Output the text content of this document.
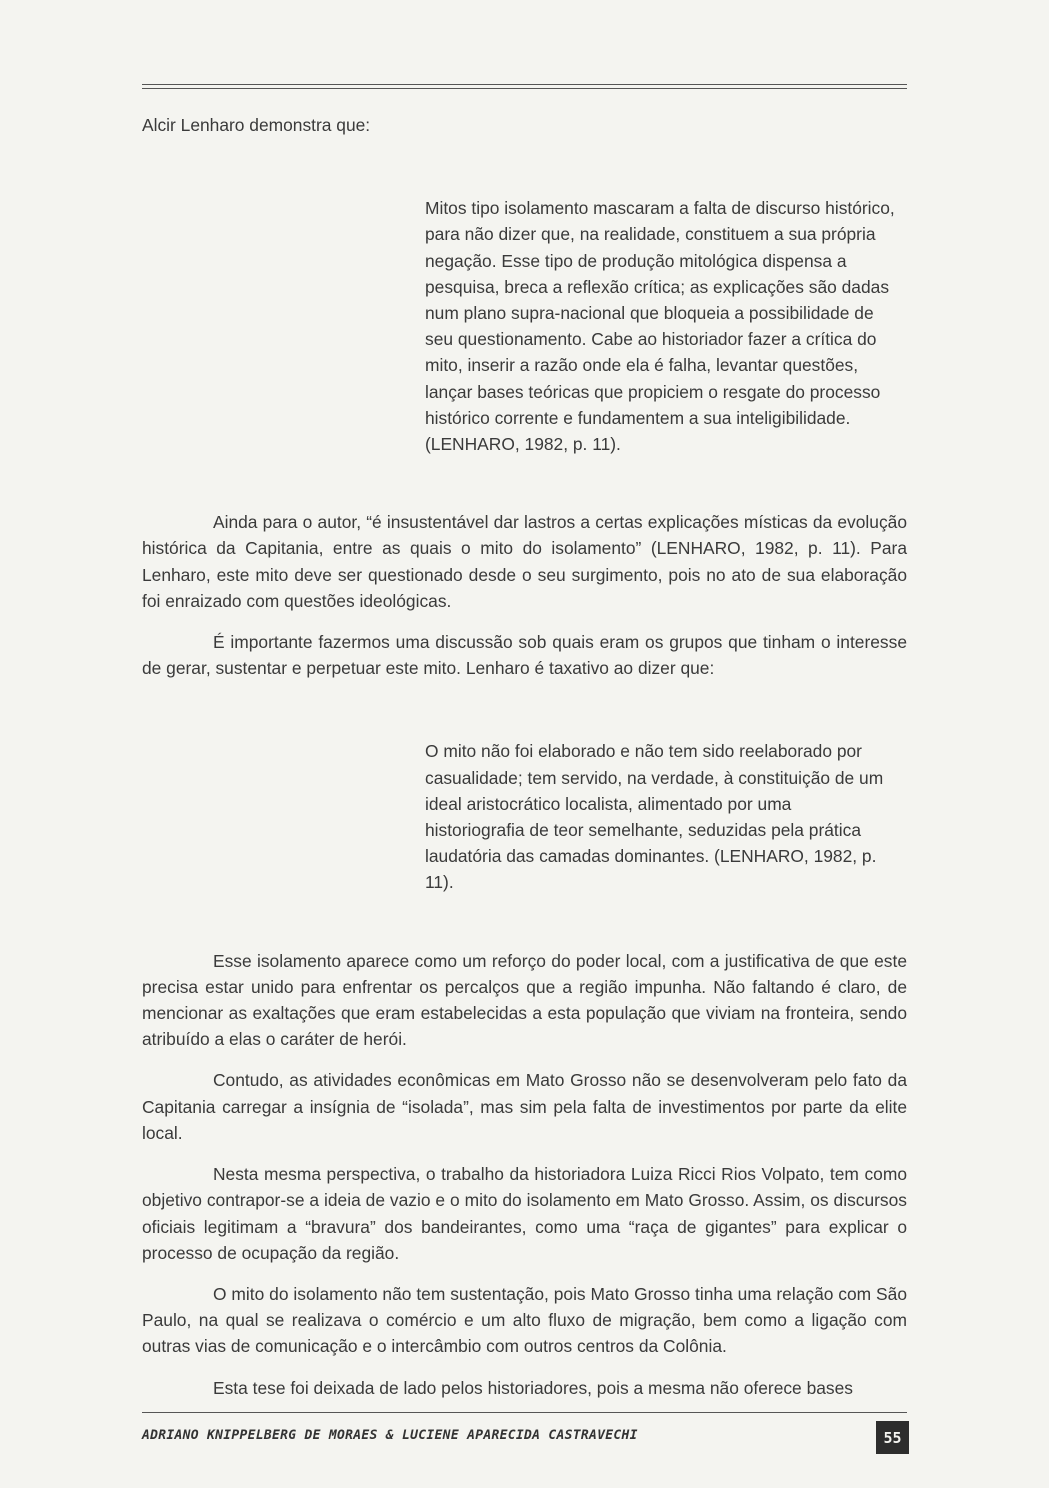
Alcir Lenharo demonstra que:

Mitos tipo isolamento mascaram a falta de discurso histórico, para não dizer que, na realidade, constituem a sua própria negação. Esse tipo de produção mitológica dispensa a pesquisa, breca a reflexão crítica; as explicações são dadas num plano supra-nacional que bloqueia a possibilidade de seu questionamento. Cabe ao historiador fazer a crítica do mito, inserir a razão onde ela é falha, levantar questões, lançar bases teóricas que propiciem o resgate do processo histórico corrente e fundamentem a sua inteligibilidade. (LENHARO, 1982, p. 11).

Ainda para o autor, “é insustentável dar lastros a certas explicações místicas da evolução histórica da Capitania, entre as quais o mito do isolamento” (LENHARO, 1982, p. 11). Para Lenharo, este mito deve ser questionado desde o seu surgimento, pois no ato de sua elaboração foi enraizado com questões ideológicas.

É importante fazermos uma discussão sob quais eram os grupos que tinham o interesse de gerar, sustentar e perpetuar este mito. Lenharo é taxativo ao dizer que:

O mito não foi elaborado e não tem sido reelaborado por casualidade; tem servido, na verdade, à constituição de um ideal aristocrático localista, alimentado por uma historiografia de teor semelhante, seduzidas pela prática laudatória das camadas dominantes. (LENHARO, 1982, p. 11).

Esse isolamento aparece como um reforço do poder local, com a justificativa de que este precisa estar unido para enfrentar os percalços que a região impunha. Não faltando é claro, de mencionar as exaltações que eram estabelecidas a esta população que viviam na fronteira, sendo atribuído a elas o caráter de herói.

Contudo, as atividades econômicas em Mato Grosso não se desenvolveram pelo fato da Capitania carregar a insígnia de “isolada”, mas sim pela falta de investimentos por parte da elite local.

Nesta mesma perspectiva, o trabalho da historiadora Luiza Ricci Rios Volpato, tem como objetivo contrapor-se a ideia de vazio e o mito do isolamento em Mato Grosso. Assim, os discursos oficiais legitimam a “bravura” dos bandeirantes, como uma “raça de gigantes” para explicar o processo de ocupação da região.

O mito do isolamento não tem sustentação, pois Mato Grosso tinha uma relação com São Paulo, na qual se realizava o comércio e um alto fluxo de migração, bem como a ligação com outras vias de comunicação e o intercâmbio com outros centros da Colônia.

Esta tese foi deixada de lado pelos historiadores, pois a mesma não oferece bases

ADRIANO KNIPPELBERG DE MORAES & LUCIENE APARECIDA CASTRAVECHI	55
